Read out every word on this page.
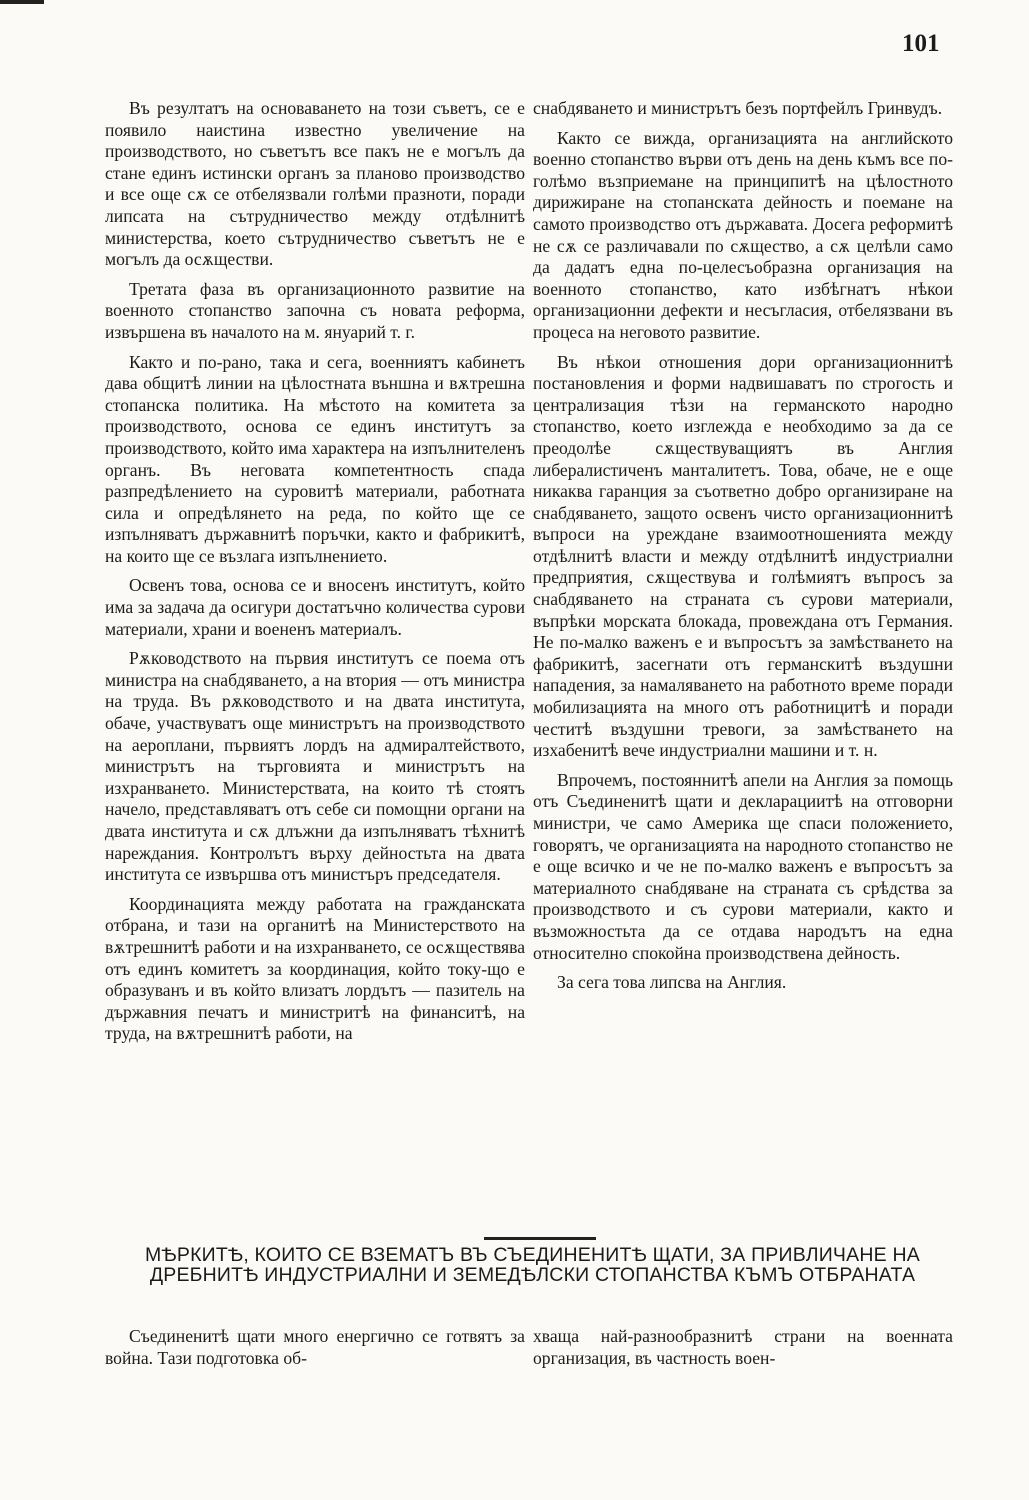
101

Въ резултатъ на основаването на този съветъ, се е появило наистина известно увеличение на производството, но съветътъ все пакъ не е могълъ да стане единъ истински органъ за планово производство и все още сѫ се отбелязвали голѣми празноти, поради липсата на сътрудничество между отдѣлнитѣ министерства, което сътрудничество съветътъ не е могълъ да осѫществи.

Третата фаза въ организационното развитие на военното стопанство започна съ новата реформа, извършена въ началото на м. януарий т. г.

Както и по-рано, така и сега, военниятъ кабинетъ дава общитѣ линии на цѣлостната външна и вѫтрешна стопанска политика. На мѣстото на комитета за производството, основа се единъ институтъ за производството, който има характера на изпълнителенъ органъ. Въ неговата компетентность спада разпредѣлението на суровитѣ материали, работната сила и опредѣлянето на реда, по който ще се изпълняватъ държавнитѣ поръчки, както и фабрикитѣ, на които ще се възлага изпълнението.

Освенъ това, основа се и вносенъ институтъ, който има за задача да осигури достатъчно количества сурови материали, храни и воененъ материалъ.

Рѫководството на първия институтъ се поема отъ министра на снабдяването, а на втория — отъ министра на труда. Въ рѫководството и на двата института, обаче, участвуватъ още министрътъ на производството на аероплани, първиятъ лордъ на адмиралтейството, министрътъ на търговията и министрътъ на изхранването. Министерствата, на които тѣ стоятъ начело, представляватъ отъ себе си помощни органи на двата института и сѫ длъжни да изпълняватъ тѣхнитѣ нареждания. Контролътъ върху дейностьта на двата института се извършва отъ министъръ председателя.

Координацията между работата на гражданската отбрана, и тази на органитѣ на Министерството на вѫтрешнитѣ работи и на изхранването, се осѫществява отъ единъ комитетъ за координация, който току-що е образуванъ и въ който влизатъ лордътъ — пазитель на държавния печатъ и министритѣ на финанситѣ, на труда, на вѫтрешнитѣ работи, на

снабдяването и министрътъ безъ портфейлъ Гринвудъ.

Както се вижда, организацията на английското военно стопанство върви отъ день на день къмъ все по-голѣмо възприемане на принципитѣ на цѣлостното дирижиране на стопанската дейность и поемане на самото производство отъ държавата. Досега реформитѣ не сѫ се различавали по сѫщество, а сѫ целѣли само да дадатъ една по-целесъобразна организация на военното стопанство, като избѣгнатъ нѣкои организационни дефекти и несъгласия, отбелязвани въ процеса на неговото развитие.

Въ нѣкои отношения дори организационнитѣ постановления и форми надвишаватъ по строгость и централизация тѣзи на германското народно стопанство, което изглежда е необходимо за да се преодолѣе сѫществуващиятъ въ Англия либералистиченъ манталитетъ. Това, обаче, не е още никаква гаранция за съответно добро организиране на снабдяването, защото освенъ чисто организационнитѣ въпроси на уреждане взаимоотношенията между отдѣлнитѣ власти и между отдѣлнитѣ индустриални предприятия, сѫществува и голѣмиятъ въпросъ за снабдяването на страната съ сурови материали, въпрѣки морската блокада, провеждана отъ Германия. Не по-малко важенъ е и въпросътъ за замѣстването на фабрикитѣ, засегнати отъ германскитѣ въздушни нападения, за намаляването на работното време поради мобилизацията на много отъ работницитѣ и поради честитѣ въздушни тревоги, за замѣстването на изхабенитѣ вече индустриални машини и т. н.

Впрочемъ, постояннитѣ апели на Англия за помощь отъ Съединенитѣ щати и декларациитѣ на отговорни министри, че само Америка ще спаси положението, говорятъ, че организацията на народното стопанство не е още всичко и че не по-малко важенъ е въпросътъ за материалното снабдяване на страната съ срѣдства за производството и съ сурови материали, както и възможностьта да се отдава народътъ на една относително спокойна производствена дейность.

За сега това липсва на Англия.

МѢРКИТѢ, КОИТО СЕ ВЗЕМАТЪ ВЪ СЪЕДИНЕНИТѢ ЩАТИ, ЗА ПРИВЛИЧАНЕ НА ДРЕБНИТѢ ИНДУСТРИАЛНИ И ЗЕМЕДѢЛСКИ СТОПАНСТВА КЪМЪ ОТБРАНАТА

Съединенитѣ щати много енергично се готвятъ за война. Тази подготовка об-

хваща най-разнообразнитѣ страни на военната организация, въ частность воен-
